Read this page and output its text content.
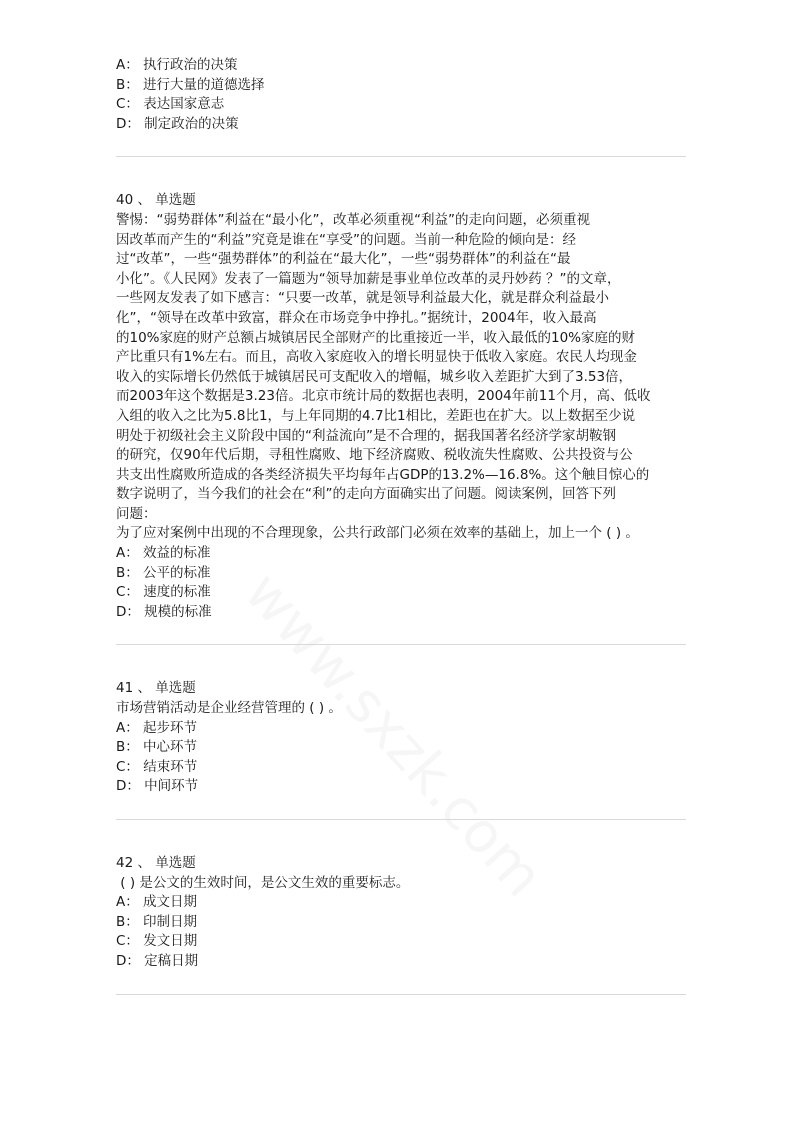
A： 执行政治的决策
B： 进行大量的道德选择
C： 表达国家意志
D： 制定政治的决策
40 、 单选题
警惕：“弱势群体”利益在“最小化”，改革必须重视“利益”的走向问题，必须重视
因改革而产生的“利益”究竟是谁在“享受”的问题。当前一种危险的倾向是：经
过“改革”，一些“强势群体”的利益在“最大化”，一些“弱势群体”的利益在“最
小化”。《人民网》发表了一篇题为“领导加薪是事业单位改革的灵丹妙药 ？”的文章，
一些网友发表了如下感言：“只要一改革，就是领导利益最大化，就是群众利益最小
化”，“领导在改革中致富，群众在市场竞争中挣扎。”据统计，2004年，收入最高
的10%家庭的财产总额占城镇居民全部财产的比重接近一半，收入最低的10%家庭的财
产比重只有1%左右。而且，高收入家庭收入的增长明显快于低收入家庭。农民人均现金
收入的实际增长仍然低于城镇居民可支配收入的增幅，城乡收入差距扩大到了3.53倍，
而2003年这个数据是3.23倍。北京市统计局的数据也表明，2004年前11个月，高、低收
入组的收入之比为5.8比1，与上年同期的4.7比1相比，差距也在扩大。以上数据至少说
明处于初级社会主义阶段中国的“利益流向”是不合理的，据我国著名经济学家胡鞍钢
的研究，仅90年代后期，寻租性腐败、地下经济腐败、税收流失性腐败、公共投资与公
共支出性腐败所造成的各类经济损失平均每年占GDP的13.2%—16.8%。这个触目惊心的
数字说明了，当今我们的社会在“利”的走向方面确实出了问题。阅读案例，回答下列
问题：
为了应对案例中出现的不合理现象，公共行政部门必须在效率的基础上，加上一个 ( ) 。
A： 效益的标准
B： 公平的标准
C： 速度的标准
D： 规模的标准
41 、 单选题
市场营销活动是企业经营管理的 ( ) 。
A： 起步环节
B： 中心环节
C： 结束环节
D： 中间环节
42 、 单选题
( ) 是公文的生效时间，是公文生效的重要标志。
A： 成文日期
B： 印制日期
C： 发文日期
D： 定稿日期
